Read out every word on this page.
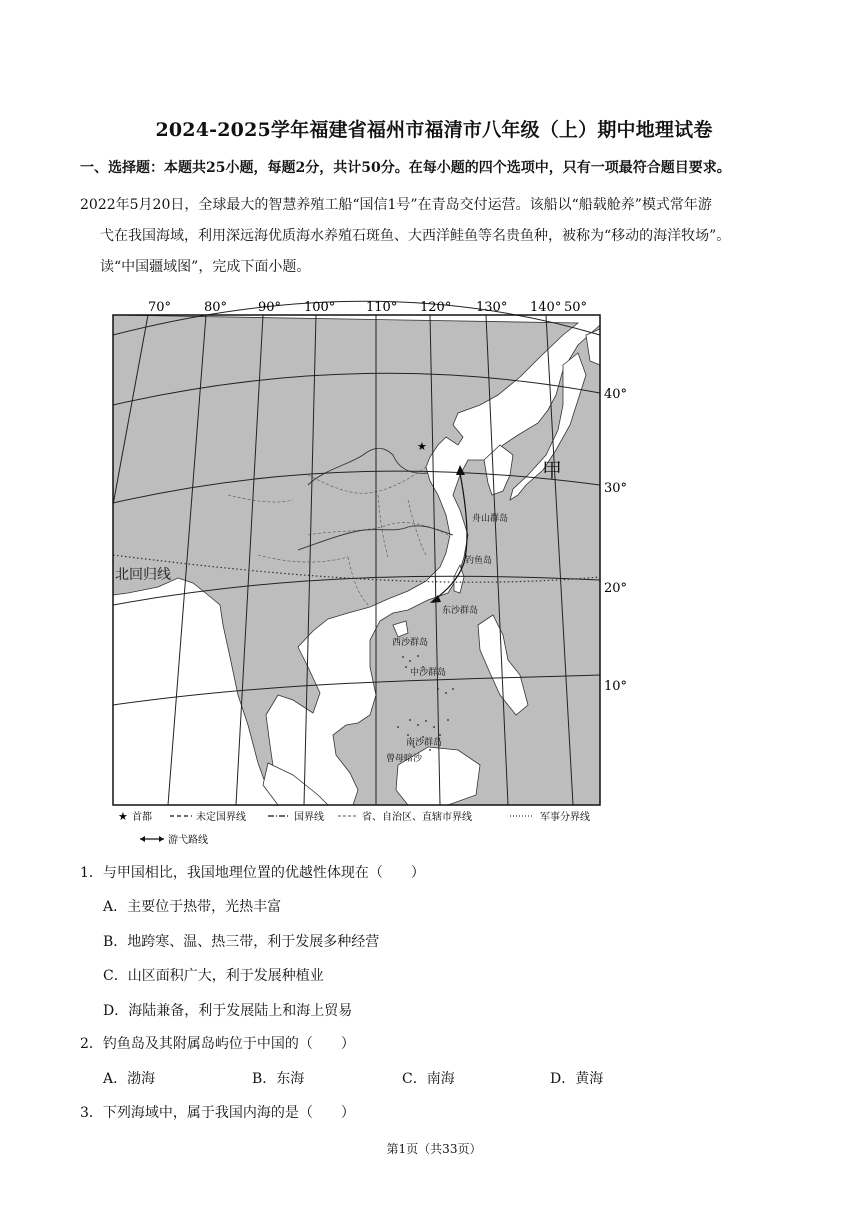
2024-2025学年福建省福州市福清市八年级（上）期中地理试卷
一、选择题：本题共25小题，每题2分，共计50分。在每小题的四个选项中，只有一项最符合题目要求。

2022年5月20日，全球最大的智慧养殖工船“国信1号”在青岛交付运营。该船以“船载舱养”模式常年游

弋在我国海域，利用深远海优质海水养殖石斑鱼、大西洋鲑鱼等名贵鱼种，被称为“移动的海洋牧场”。

读“中国疆域图”，完成下面小题。

★
70°	80° 90° 100° 110° 120° 130° 140° 50°
40°
30°
20°
10°
甲
北回归线
舟山群岛
钓鱼岛
东沙群岛
西沙群岛
中沙群岛
南沙群岛
曾母暗沙
★ 首都	未定国界线	国界线	省、自治区、直辖市界线	军事分界线
游弋路线
1．与甲国相比，我国地理位置的优越性体现在（　　）
A．主要位于热带，光热丰富
B．地跨寒、温、热三带，利于发展多种经营
C．山区面积广大，利于发展种植业
D．海陆兼备，利于发展陆上和海上贸易
2．钓鱼岛及其附属岛屿位于中国的（　　）
A．渤海	B．东海	C．南海	D．黄海
3．下列海域中，属于我国内海的是（　　）
第1页（共33页）
